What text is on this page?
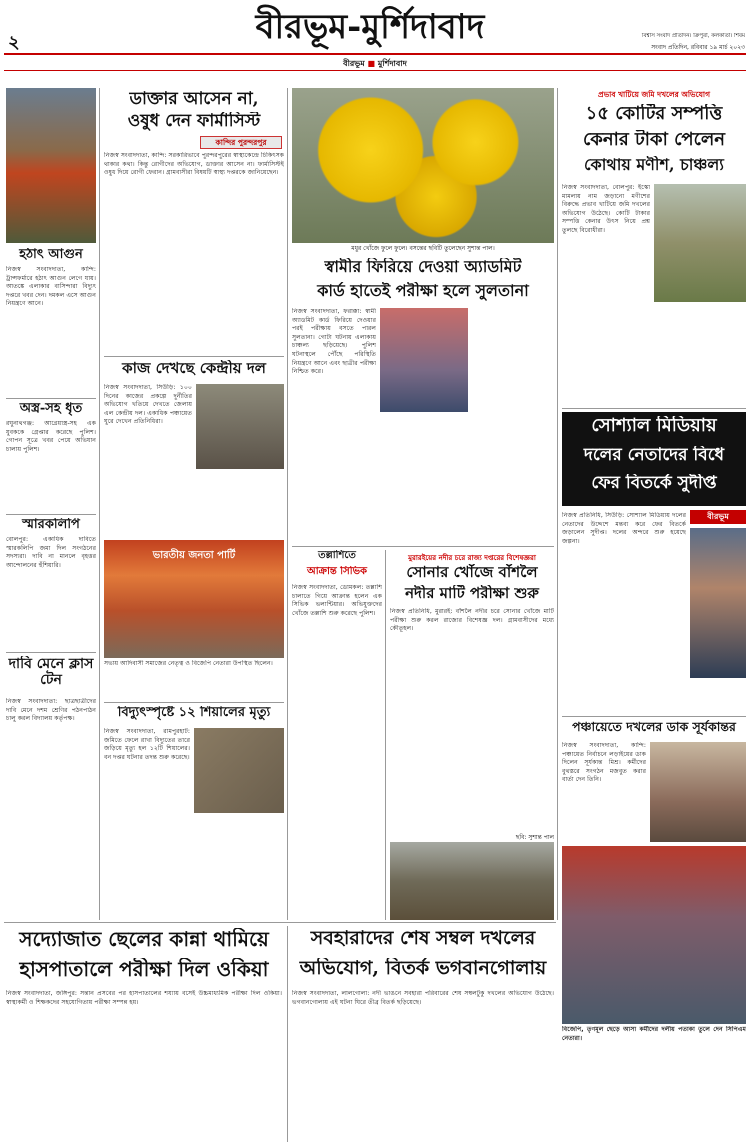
২	বীরভূম-মুর্শিদাবাদ	বিশ্বাস সংবাদ প্রতিদিন। ক্রিপুরা, কলকাতা। শিবম
সংবাদ প্রতিদিন, রবিবার ১৯ মার্চ ২০২৩
বীরভূম ■ মুর্শিদাবাদ
হঠাৎ আগুন
নিজস্ব সংবাদদাতা, কান্দি: ট্রান্সফর্মারে হঠাৎ আগুন লেগে যায়। আতঙ্কে এলাকার বাসিন্দারা বিদ্যুৎ দপ্তরে খবর দেন। দমকল এসে আগুন নিয়ন্ত্রণে আনে।
অস্ত্র-সহ ধৃত
রঘুনাথগঞ্জ: আগ্নেয়াস্ত্র-সহ এক যুবককে গ্রেপ্তার করেছে পুলিশ। গোপন সূত্রে খবর পেয়ে অভিযান চালায় পুলিশ।
স্মারকলিপি
বোলপুর: একাধিক দাবিতে স্মারকলিপি জমা দিল সংগঠনের সদস্যরা। দাবি না মানলে বৃহত্তর আন্দোলনের হুঁশিয়ারি।
দাবি মেনে ক্লাস টেন
নিজস্ব সংবাদদাতা: ছাত্রছাত্রীদের দাবি মেনে দশম শ্রেণির পঠনপাঠন চালু করল বিদ্যালয় কর্তৃপক্ষ।
ডাক্তার আসেন না,
ওষুধ দেন ফার্মাসিস্ট
কান্দির পুরন্দরপুর
নিজস্ব সংবাদদাতা, কান্দি: সরকারিভাবে পুরন্দরপুরের স্বাস্থ্যকেন্দ্রে চিকিৎসক থাকার কথা। কিন্তু রোগীদের অভিযোগ, ডাক্তার আসেন না। ফার্মাসিস্টই ওষুধ দিয়ে রোগী ফেরান। গ্রামবাসীরা বিষয়টি স্বাস্থ্য দপ্তরকে জানিয়েছেন।
কাজ দেখছে কেন্দ্রীয় দল
নিজস্ব সংবাদদাতা, সিউড়ি: ১০০ দিনের কাজের প্রকল্পে দুর্নীতির অভিযোগ খতিয়ে দেখতে জেলায় এল কেন্দ্রীয় দল। একাধিক পঞ্চায়েত ঘুরে দেখেন প্রতিনিধিরা।
ভারতীয় জনতা পার্টি
সভায় আদিবাসী সমাজের নেতৃত্ব ও বিজেপি নেতারা উপস্থিত ছিলেন।
বিদ্যুৎস্পৃষ্টে ১২ শিয়ালের মৃত্যু
নিজস্ব সংবাদদাতা, রামপুরহাট: জমিতে ফেলে রাখা বিদ্যুতের তারে জড়িয়ে মৃত্যু হল ১২টি শিয়ালের। বন দপ্তর ঘটনার তদন্ত শুরু করেছে।
মধুর খোঁজে ফুলে ফুলে। বসন্তের ছবিটি তুলেছেন সুশান্ত পাল।
স্বামীর ফিরিয়ে দেওয়া অ্যাডমিট
কার্ড হাতেই পরীক্ষা হলে সুলতানা
নিজস্ব সংবাদদাতা, ফরাক্কা: স্বামী অ্যাডমিট কার্ড ফিরিয়ে দেওয়ার পরই পরীক্ষায় বসতে পারল সুলতানা। গোটা ঘটনায় এলাকায় চাঞ্চল্য ছড়িয়েছে। পুলিশ ঘটনাস্থলে পৌঁছে পরিস্থিতি নিয়ন্ত্রণে আনে এবং ছাত্রীর পরীক্ষা নিশ্চিত করে।
তল্লাশিতে
আক্রান্ত সিভিক
নিজস্ব সংবাদদাতা, ডোমকল: তল্লাশি চালাতে গিয়ে আক্রান্ত হলেন এক সিভিক ভলান্টিয়ার। অভিযুক্তদের খোঁজে তল্লাশি শুরু করেছে পুলিশ।
মুরারইয়ের নদীর চরে রাজ্য দপ্তরের বিশেষজ্ঞরা
সোনার খোঁজে বাঁশলৈ
নদীর মাটি পরীক্ষা শুরু
নিজস্ব প্রতিনিধি, মুরারই: বাঁশলৈ নদীর চরে সোনার খোঁজে মাটি পরীক্ষা শুরু করল রাজ্যের বিশেষজ্ঞ দল। গ্রামবাসীদের মধ্যে কৌতূহল।
ছবি: সুশান্ত পাল
প্রভাব খাটিয়ে জমি দখলের অভিযোগ
১৫ কোটির সম্পত্তি
কেনার টাকা পেলেন
কোথায় মণীশ, চাঞ্চল্য
নিজস্ব সংবাদদাতা, বোলপুর: ইস্কো মামলায় নাম জড়ানো মণীশের বিরুদ্ধে প্রভাব খাটিয়ে জমি দখলের অভিযোগ উঠেছে। কোটি টাকার সম্পত্তি কেনার উৎস নিয়ে প্রশ্ন তুলছে বিরোধীরা।
সোশ্যাল মিডিয়ায়
দলের নেতাদের বিঁধে
ফের বিতর্কে সুদীপ্ত
বীরভূম
নিজস্ব প্রতিনিধি, সিউড়ি: সোশ্যাল মিডিয়ায় দলের নেতাদের উদ্দেশে মন্তব্য করে ফের বিতর্কে জড়ালেন সুদীপ্ত। দলের অন্দরে শুরু হয়েছে জল্পনা।
পঞ্চায়েতে দখলের ডাক সূর্যকান্তর
নিজস্ব সংবাদদাতা, কান্দি: পঞ্চায়েত নির্বাচনে লড়াইয়ের ডাক দিলেন সূর্যকান্ত মিশ্র। কর্মীদের বুথস্তরে সংগঠন মজবুত করার বার্তা দেন তিনি।
বিজেপি, তৃণমূল ছেড়ে আসা কর্মীদের দলীয় পতাকা তুলে দেন সিপিএম নেতারা।
সদ্যোজাত ছেলের কান্না থামিয়ে
হাসপাতালে পরীক্ষা দিল ওকিয়া
নিজস্ব সংবাদদাতা, জঙ্গিপুর: সন্তান প্রসবের পর হাসপাতালের শয্যায় বসেই উচ্চমাধ্যমিক পরীক্ষা দিল ওকিয়া। স্বাস্থ্যকর্মী ও শিক্ষকদের সহযোগিতায় পরীক্ষা সম্পন্ন হয়।
সবহারাদের শেষ সম্বল দখলের
অভিযোগ, বিতর্ক ভগবানগোলায়
নিজস্ব সংবাদদাতা, লালগোলা: নদী ভাঙনে সবহারা পরিবারের শেষ সম্বলটুকু দখলের অভিযোগ উঠেছে। ভগবানগোলায় এই ঘটনা ঘিরে তীব্র বিতর্ক ছড়িয়েছে।
